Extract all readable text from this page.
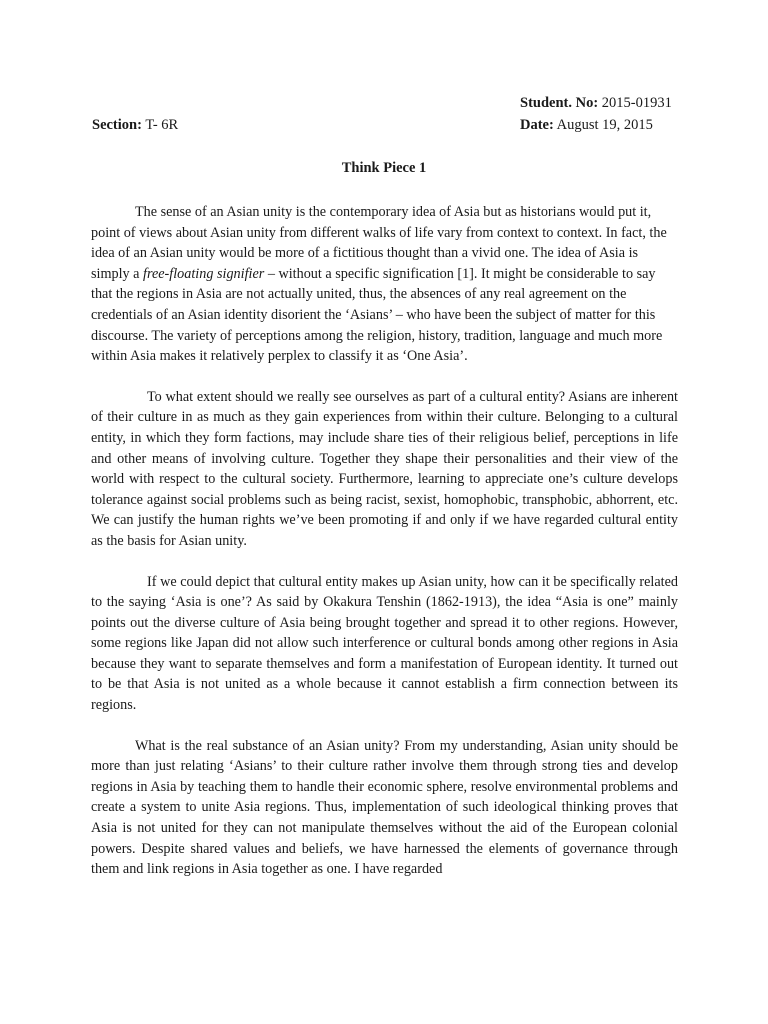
Student. No: 2015-01931
Section: T- 6R	Date: August 19, 2015
Think Piece 1

The sense of an Asian unity is the contemporary idea of Asia but as historians would put it, point of views about Asian unity from different walks of life vary from context to context. In fact, the idea of an Asian unity would be more of a fictitious thought than a vivid one. The idea of Asia is simply a free-floating signifier – without a specific signification [1]. It might be considerable to say that the regions in Asia are not actually united, thus, the absences of any real agreement on the credentials of an Asian identity disorient the ‘Asians’ – who have been the subject of matter for this discourse. The variety of perceptions among the religion, history, tradition, language and much more within Asia makes it relatively perplex to classify it as ‘One Asia’.

To what extent should we really see ourselves as part of a cultural entity? Asians are inherent of their culture in as much as they gain experiences from within their culture. Belonging to a cultural entity, in which they form factions, may include share ties of their religious belief, perceptions in life and other means of involving culture. Together they shape their personalities and their view of the world with respect to the cultural society. Furthermore, learning to appreciate one’s culture develops tolerance against social problems such as being racist, sexist, homophobic, transphobic, abhorrent, etc. We can justify the human rights we’ve been promoting if and only if we have regarded cultural entity as the basis for Asian unity.

If we could depict that cultural entity makes up Asian unity, how can it be specifically related to the saying ‘Asia is one’? As said by Okakura Tenshin (1862-1913), the idea “Asia is one” mainly points out the diverse culture of Asia being brought together and spread it to other regions. However, some regions like Japan did not allow such interference or cultural bonds among other regions in Asia because they want to separate themselves and form a manifestation of European identity. It turned out to be that Asia is not united as a whole because it cannot establish a firm connection between its regions.

What is the real substance of an Asian unity? From my understanding, Asian unity should be more than just relating ‘Asians’ to their culture rather involve them through strong ties and develop regions in Asia by teaching them to handle their economic sphere, resolve environmental problems and create a system to unite Asia regions. Thus, implementation of such ideological thinking proves that Asia is not united for they can not manipulate themselves without the aid of the European colonial powers. Despite shared values and beliefs, we have harnessed the elements of governance through them and link regions in Asia together as one. I have regarded
